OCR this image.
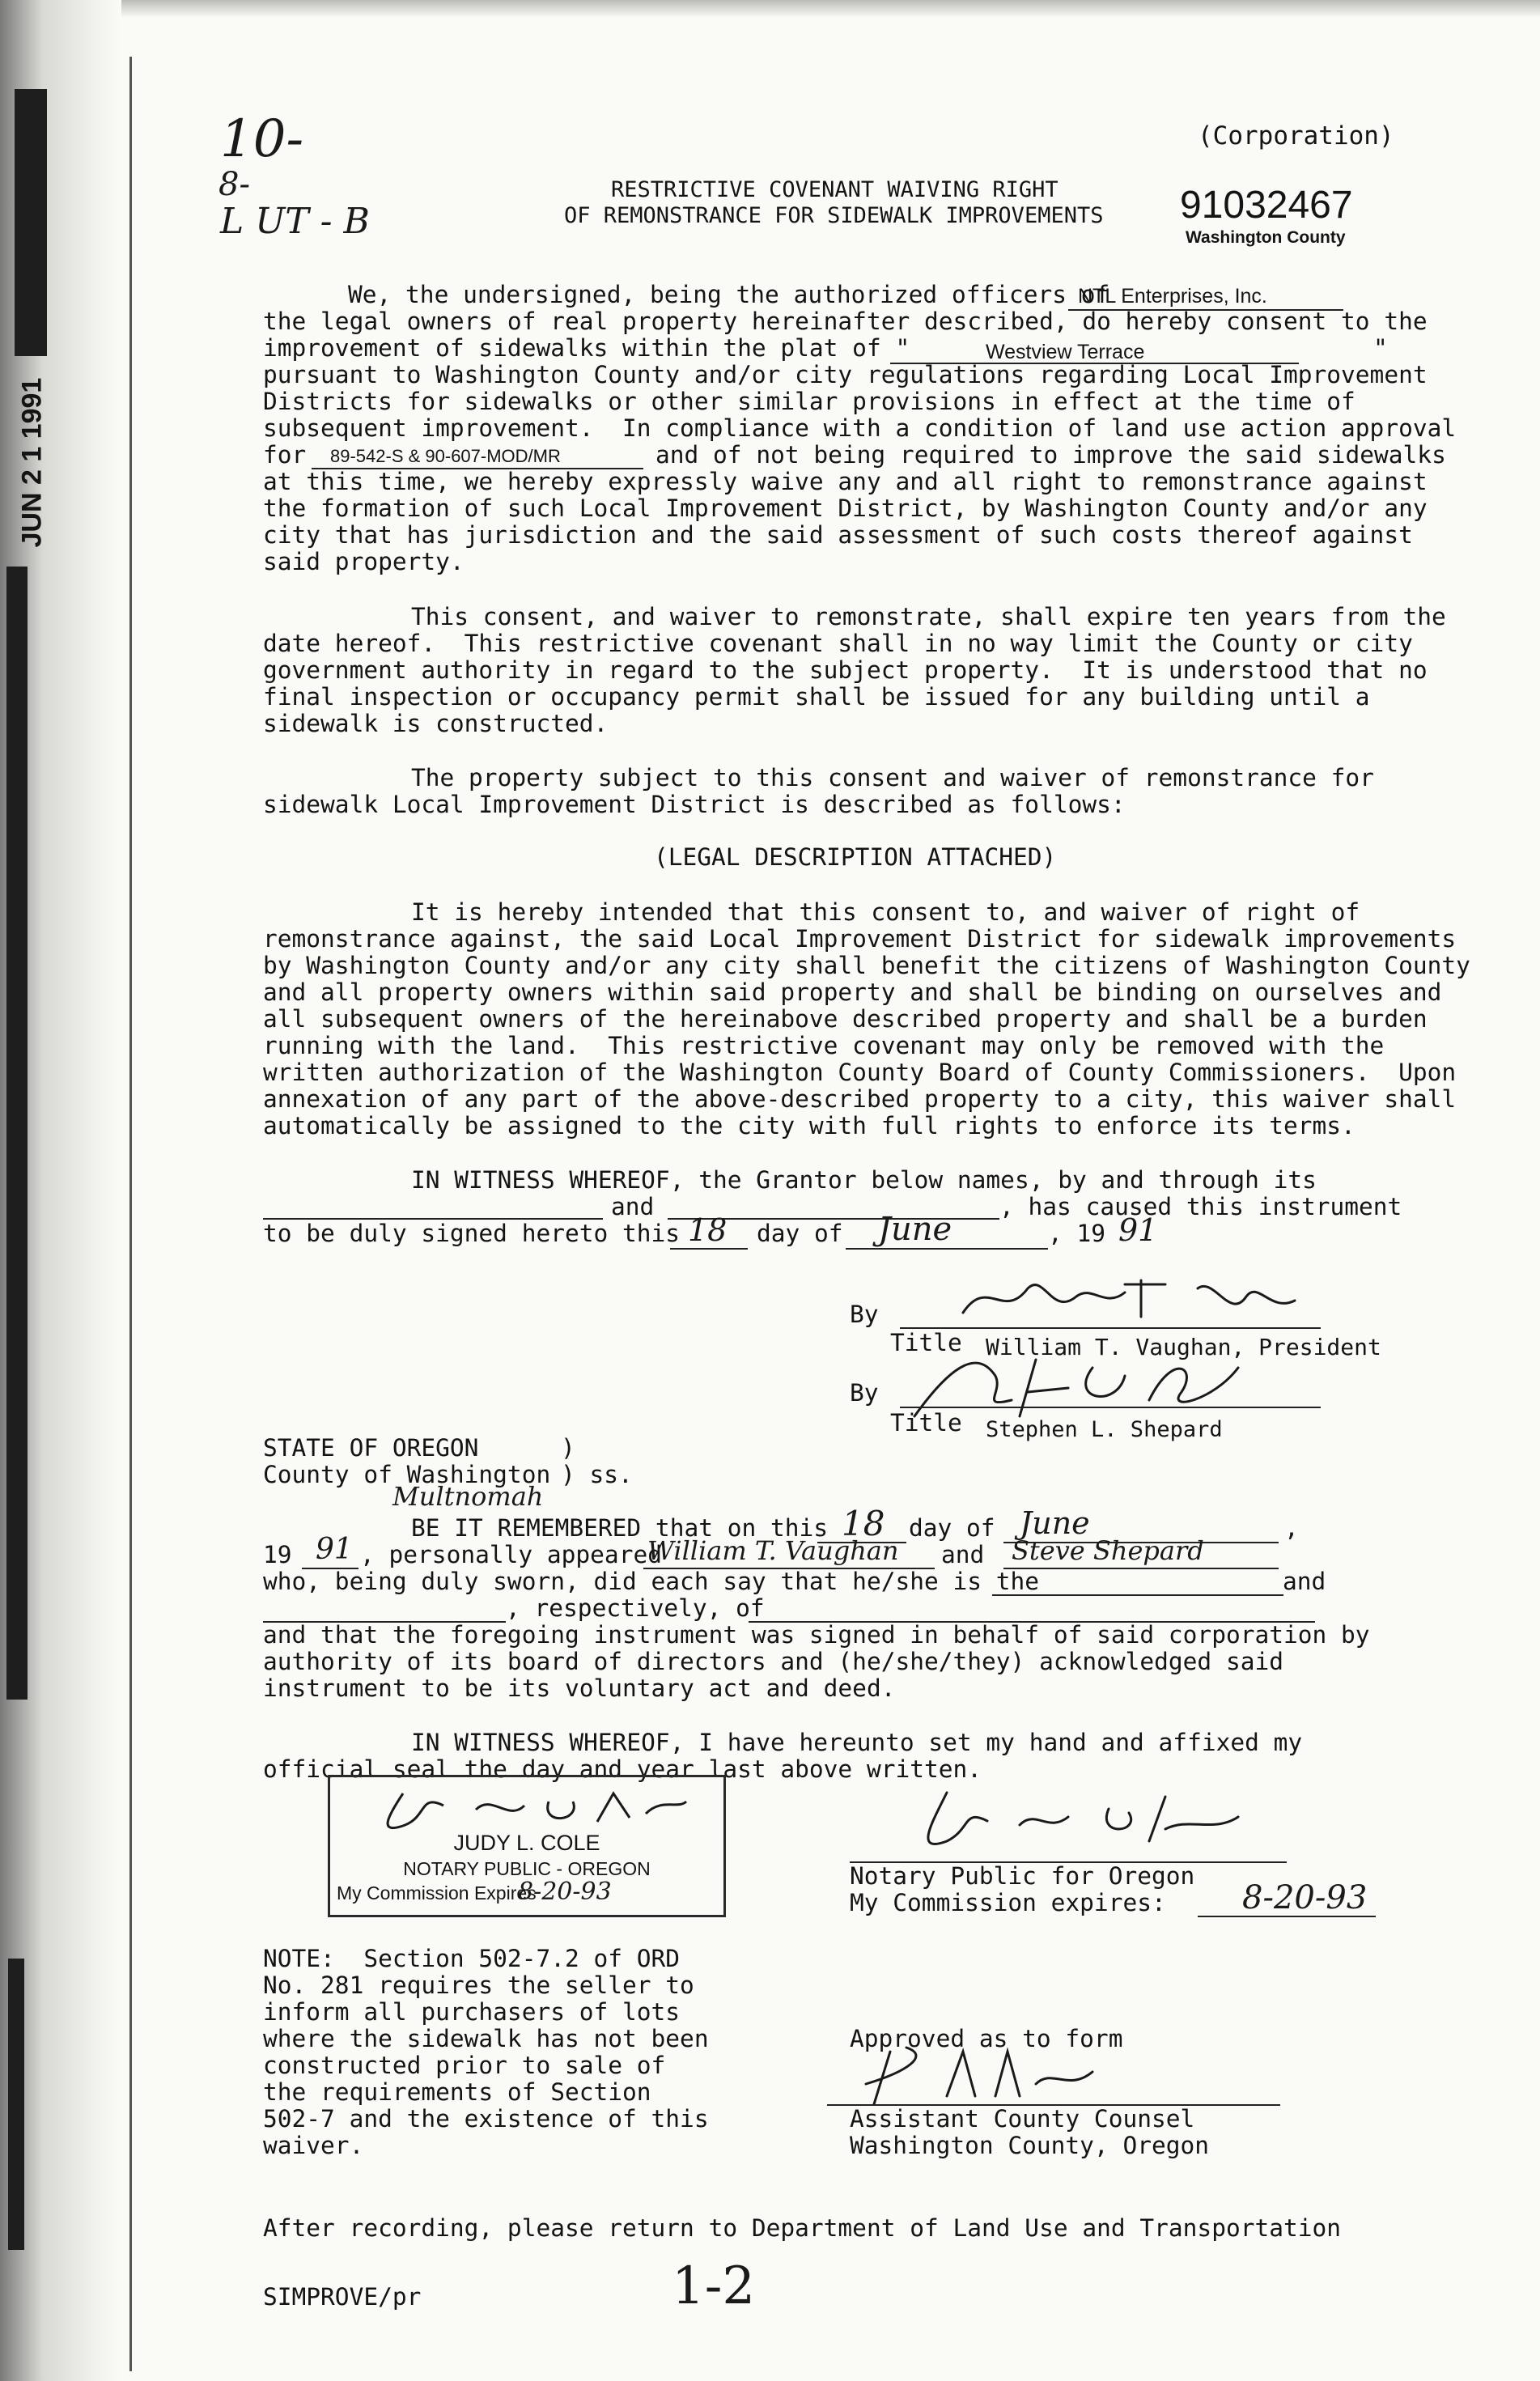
JUN 2 1 1991
10-
8-
L UT - B
(Corporation)
RESTRICTIVE COVENANT WAIVING RIGHT
OF REMONSTRANCE FOR SIDEWALK IMPROVEMENTS 91032467
Washington County
We, the undersigned, being the authorized officers of
NTL Enterprises, Inc.
the legal owners of real property hereinafter described, do hereby consent to the
improvement of sidewalks within the plat of "	Westview Terrace	"
pursuant to Washington County and/or city regulations regarding Local Improvement
Districts for sidewalks or other similar provisions in effect at the time of
subsequent improvement.  In compliance with a condition of land use action approval
for 89-542-S & 90-607-MOD/MR	and of not being required to improve the said sidewalks
at this time, we hereby expressly waive any and all right to remonstrance against
the formation of such Local Improvement District, by Washington County and/or any
city that has jurisdiction and the said assessment of such costs thereof against
said property.
This consent, and waiver to remonstrate, shall expire ten years from the
date hereof.  This restrictive covenant shall in no way limit the County or city
government authority in regard to the subject property.  It is understood that no
final inspection or occupancy permit shall be issued for any building until a
sidewalk is constructed.
The property subject to this consent and waiver of remonstrance for
sidewalk Local Improvement District is described as follows:
(LEGAL DESCRIPTION ATTACHED)
It is hereby intended that this consent to, and waiver of right of
remonstrance against, the said Local Improvement District for sidewalk improvements
by Washington County and/or any city shall benefit the citizens of Washington County
and all property owners within said property and shall be binding on ourselves and
all subsequent owners of the hereinabove described property and shall be a burden
running with the land.  This restrictive covenant may only be removed with the
written authorization of the Washington County Board of County Commissioners.  Upon
annexation of any part of the above-described property to a city, this waiver shall
automatically be assigned to the city with full rights to enforce its terms.
IN WITNESS WHEREOF, the Grantor below names, by and through its
and	, has caused this instrument
to be duly signed hereto this 18 day of June	, 19 91
By
Title William T. Vaughan, President
By
Title Stephen L. Shepard
STATE OF OREGON	)
County of Washington ) ss.
Multnomah
BE IT REMEMBERED that on this 18 day of June	,
19 91 , personally appeared
William T. Vaughan and Steve Shepard
who, being duly sworn, did each say that he/she is the	and
, respectively, of
and that the foregoing instrument was signed in behalf of said corporation by
authority of its board of directors and (he/she/they) acknowledged said
instrument to be its voluntary act and deed.
IN WITNESS WHEREOF, I have hereunto set my hand and affixed my
official seal the day and year last above written.
JUDY L. COLE
NOTARY PUBLIC - OREGON
My Commission Expires
8-20-93
Notary Public for Oregon
My Commission expires: 8-20-93
NOTE:  Section 502-7.2 of ORD
No. 281 requires the seller to
inform all purchasers of lots
where the sidewalk has not been
constructed prior to sale of
the requirements of Section
502-7 and the existence of this
waiver.
Approved as to form
Assistant County Counsel
Washington County, Oregon
After recording, please return to Department of Land Use and Transportation
SIMPROVE/pr	1-2
